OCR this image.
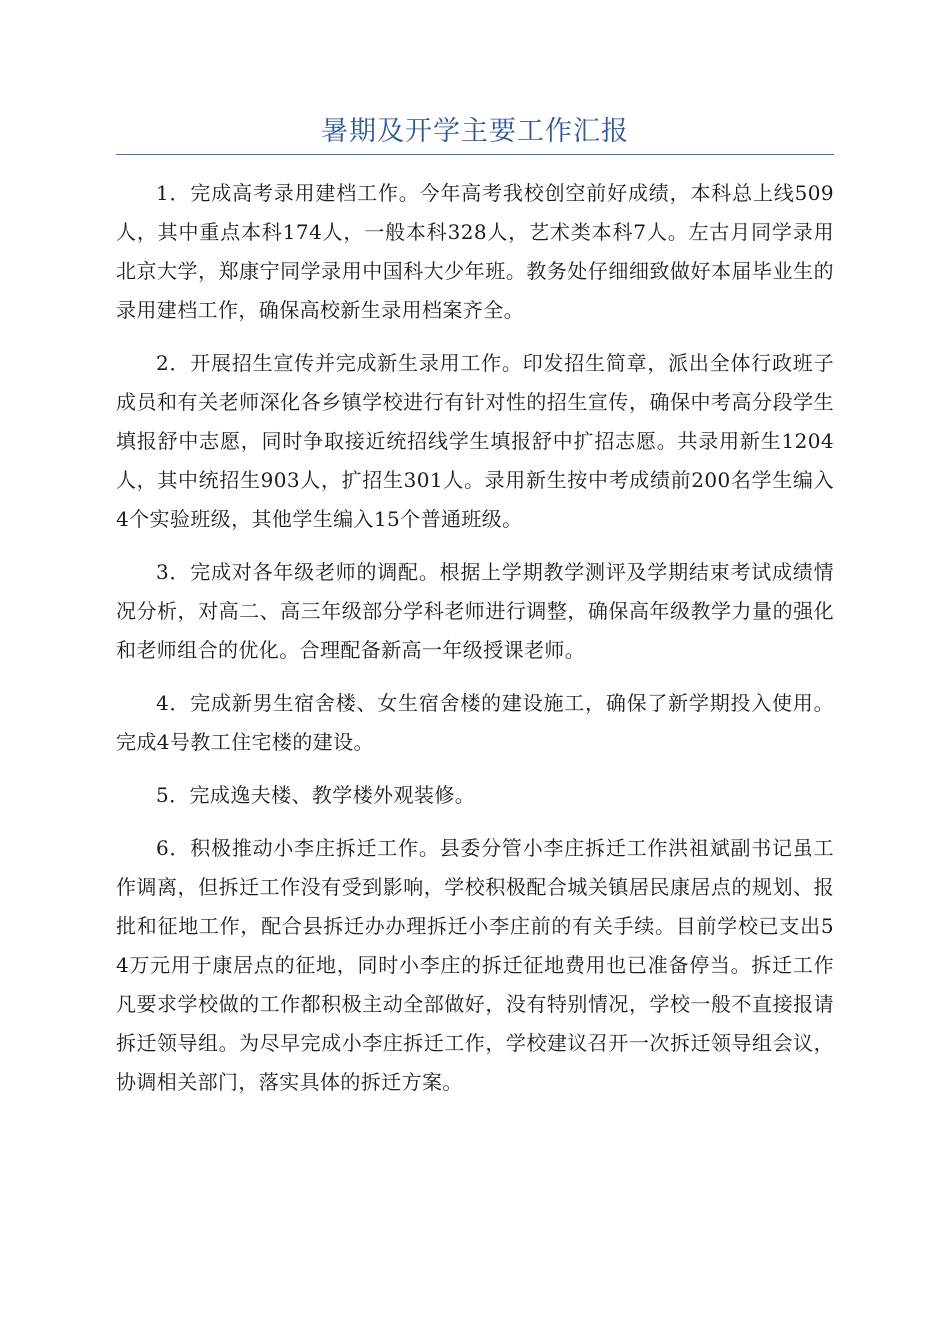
暑期及开学主要工作汇报

1．完成高考录用建档工作。今年高考我校创空前好成绩，本科总上线509人，其中重点本科174人，一般本科328人，艺术类本科7人。左古月同学录用北京大学，郑康宁同学录用中国科大少年班。教务处仔细细致做好本届毕业生的录用建档工作，确保高校新生录用档案齐全。

2．开展招生宣传并完成新生录用工作。印发招生简章，派出全体行政班子成员和有关老师深化各乡镇学校进行有针对性的招生宣传，确保中考高分段学生填报舒中志愿，同时争取接近统招线学生填报舒中扩招志愿。共录用新生1204人，其中统招生903人，扩招生301人。录用新生按中考成绩前200名学生编入4个实验班级，其他学生编入15个普通班级。

3．完成对各年级老师的调配。根据上学期教学测评及学期结束考试成绩情况分析，对高二、高三年级部分学科老师进行调整，确保高年级教学力量的强化和老师组合的优化。合理配备新高一年级授课老师。

4．完成新男生宿舍楼、女生宿舍楼的建设施工，确保了新学期投入使用。完成4号教工住宅楼的建设。

5．完成逸夫楼、教学楼外观装修。

6．积极推动小李庄拆迁工作。县委分管小李庄拆迁工作洪祖斌副书记虽工作调离，但拆迁工作没有受到影响，学校积极配合城关镇居民康居点的规划、报批和征地工作，配合县拆迁办办理拆迁小李庄前的有关手续。目前学校已支出54万元用于康居点的征地，同时小李庄的拆迁征地费用也已准备停当。拆迁工作凡要求学校做的工作都积极主动全部做好，没有特别情况，学校一般不直接报请拆迁领导组。为尽早完成小李庄拆迁工作，学校建议召开一次拆迁领导组会议，协调相关部门，落实具体的拆迁方案。
